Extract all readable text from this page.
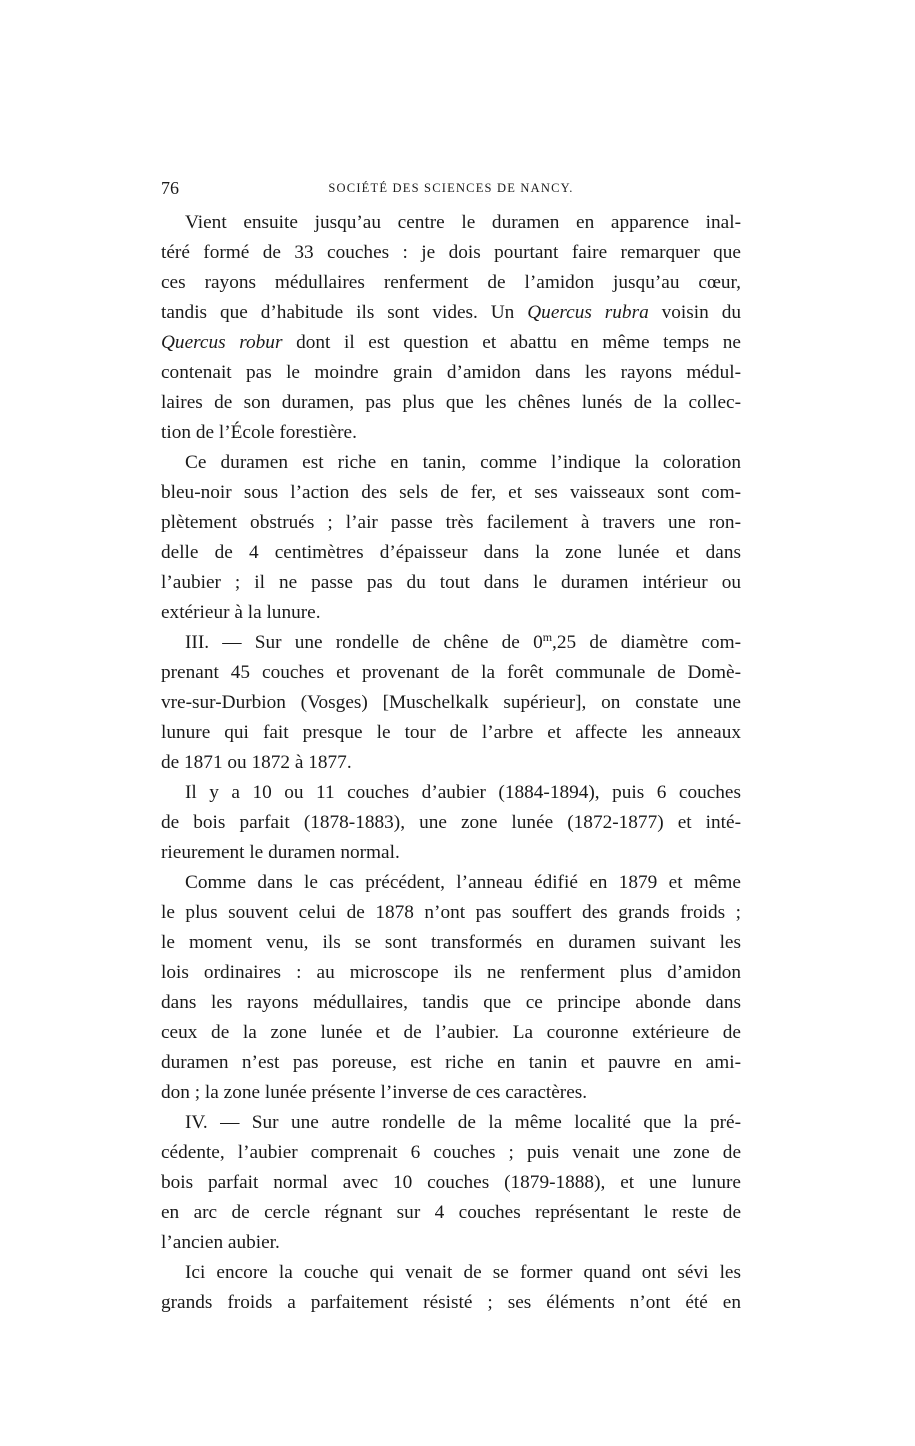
76	SOCIÉTÉ DES SCIENCES DE NANCY.

Vient ensuite jusqu’au centre le duramen en apparence inal-
téré formé de 33 couches : je dois pourtant faire remarquer que
ces rayons médullaires renferment de l’amidon jusqu’au cœur,
tandis que d’habitude ils sont vides. Un Quercus rubra voisin du
Quercus robur dont il est question et abattu en même temps ne
contenait pas le moindre grain d’amidon dans les rayons médul-
laires de son duramen, pas plus que les chênes lunés de la collec-
tion de l’École forestière.

Ce duramen est riche en tanin, comme l’indique la coloration
bleu-noir sous l’action des sels de fer, et ses vaisseaux sont com-
plètement obstrués ; l’air passe très facilement à travers une ron-
delle de 4 centimètres d’épaisseur dans la zone lunée et dans
l’aubier ; il ne passe pas du tout dans le duramen intérieur ou
extérieur à la lunure.

III. — Sur une rondelle de chêne de 0$^m$,25 de diamètre com-
prenant 45 couches et provenant de la forêt communale de Domè-
vre-sur-Durbion (Vosges) [Muschelkalk supérieur], on constate une
lunure qui fait presque le tour de l’arbre et affecte les anneaux
de 1871 ou 1872 à 1877.

Il y a 10 ou 11 couches d’aubier (1884-1894), puis 6 couches
de bois parfait (1878-1883), une zone lunée (1872-1877) et inté-
rieurement le duramen normal.

Comme dans le cas précédent, l’anneau édifié en 1879 et même
le plus souvent celui de 1878 n’ont pas souffert des grands froids ;
le moment venu, ils se sont transformés en duramen suivant les
lois ordinaires : au microscope ils ne renferment plus d’amidon
dans les rayons médullaires, tandis que ce principe abonde dans
ceux de la zone lunée et de l’aubier. La couronne extérieure de
duramen n’est pas poreuse, est riche en tanin et pauvre en ami-
don ; la zone lunée présente l’inverse de ces caractères.

IV. — Sur une autre rondelle de la même localité que la pré-
cédente, l’aubier comprenait 6 couches ; puis venait une zone de
bois parfait normal avec 10 couches (1879-1888), et une lunure
en arc de cercle régnant sur 4 couches représentant le reste de
l’ancien aubier.

Ici encore la couche qui venait de se former quand ont sévi les
grands froids a parfaitement résisté ; ses éléments n’ont été en
